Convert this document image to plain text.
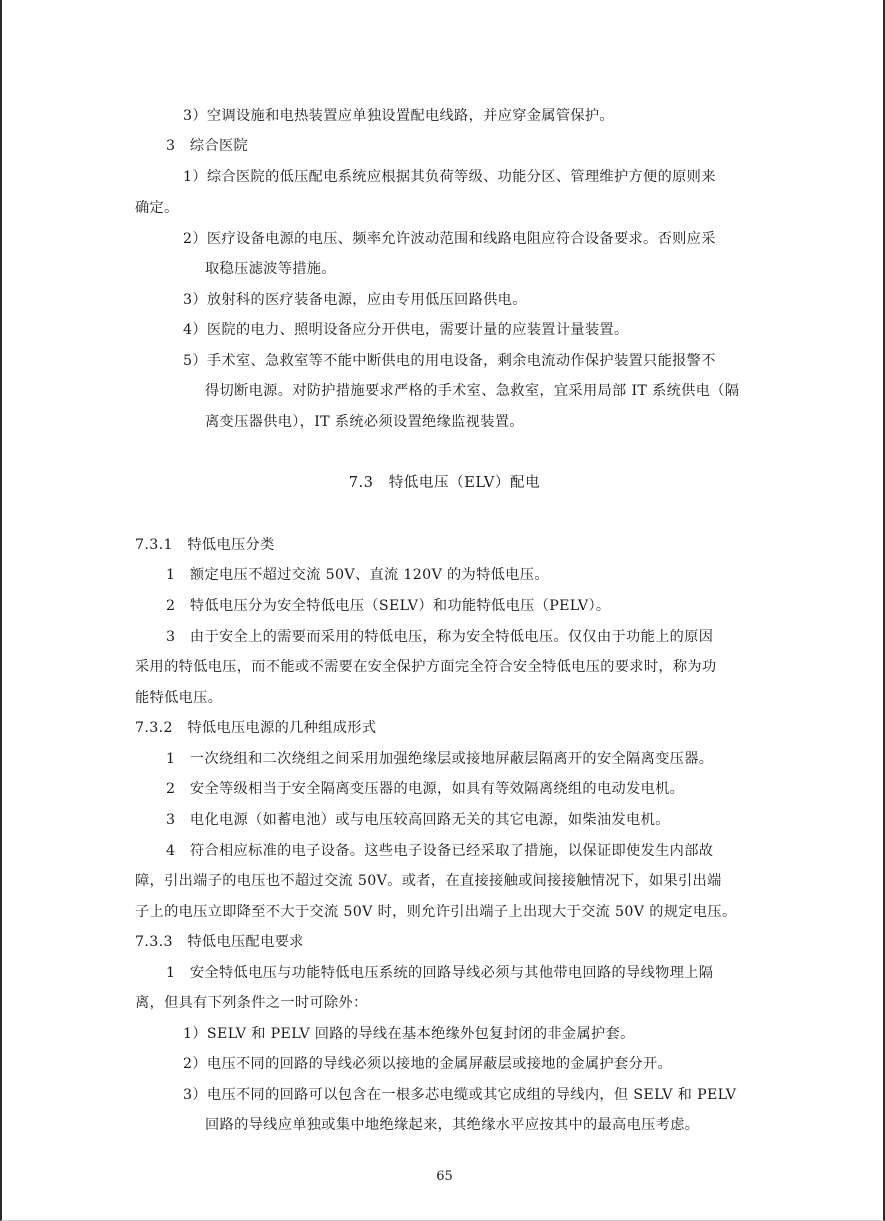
3）空调设施和电热装置应单独设置配电线路，并应穿金属管保护。
3　综合医院
1）综合医院的低压配电系统应根据其负荷等级、功能分区、管理维护方便的原则来
确定。
2）医疗设备电源的电压、频率允许波动范围和线路电阻应符合设备要求。否则应采
取稳压滤波等措施。
3）放射科的医疗装备电源，应由专用低压回路供电。
4）医院的电力、照明设备应分开供电，需要计量的应装置计量装置。
5）手术室、急救室等不能中断供电的用电设备，剩余电流动作保护装置只能报警不
得切断电源。对防护措施要求严格的手术室、急救室，宜采用局部 IT 系统供电（隔
离变压器供电），IT 系统必须设置绝缘监视装置。
7.3　特低电压（ELV）配电
7.3.1　特低电压分类
1　额定电压不超过交流 50V、直流 120V 的为特低电压。
2　特低电压分为安全特低电压（SELV）和功能特低电压（PELV）。
3　由于安全上的需要而采用的特低电压，称为安全特低电压。仅仅由于功能上的原因
采用的特低电压，而不能或不需要在安全保护方面完全符合安全特低电压的要求时，称为功
能特低电压。
7.3.2　特低电压电源的几种组成形式
1　一次绕组和二次绕组之间采用加强绝缘层或接地屏蔽层隔离开的安全隔离变压器。
2　安全等级相当于安全隔离变压器的电源，如具有等效隔离绕组的电动发电机。
3　电化电源（如蓄电池）或与电压较高回路无关的其它电源，如柴油发电机。
4　符合相应标准的电子设备。这些电子设备已经采取了措施，以保证即使发生内部故
障，引出端子的电压也不超过交流 50V。或者，在直接接触或间接接触情况下，如果引出端
子上的电压立即降至不大于交流 50V 时，则允许引出端子上出现大于交流 50V 的规定电压。
7.3.3　特低电压配电要求
1　安全特低电压与功能特低电压系统的回路导线必须与其他带电回路的导线物理上隔
离，但具有下列条件之一时可除外：
1）SELV 和 PELV 回路的导线在基本绝缘外包复封闭的非金属护套。
2）电压不同的回路的导线必须以接地的金属屏蔽层或接地的金属护套分开。
3）电压不同的回路可以包含在一根多芯电缆或其它成组的导线内，但 SELV 和 PELV
回路的导线应单独或集中地绝缘起来，其绝缘水平应按其中的最高电压考虑。
65
